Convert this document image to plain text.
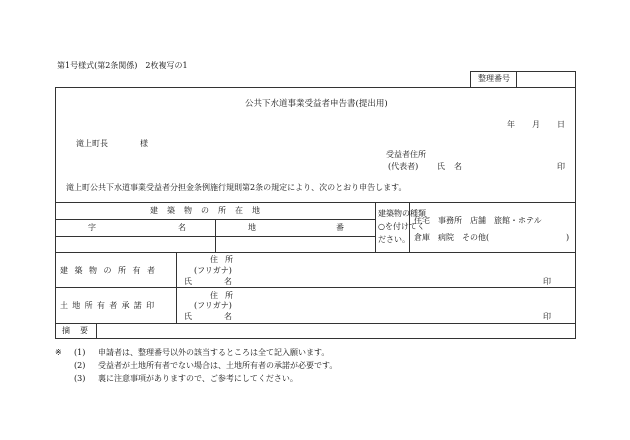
第1号様式(第2条関係)　2枚複写の1
整理番号
公共下水道事業受益者申告書(提出用)
年 月 日
滝上町長	様
受益者住所
(代表者) 氏名	印
滝上町公共下水道事業受益者分担金条例施行規則第2条の規定により、次のとおり申告します。
建築物の所在地
字	名	地	番
建築物の種類
○を付けてく
ださい。
住宅　事務所　店舗　旅館・ホテル
倉庫　病院　その他(	)
建築物の所有者
住所
(フリガナ)
氏名	印
土地所有者承諾印
住所
(フリガナ)
氏名	印
摘要
※ (1) 申請者は、整理番号以外の該当するところは全て記入願います。
(2) 受益者が土地所有者でない場合は、土地所有者の承諾が必要です。
(3) 裏に注意事項がありますので、ご参考にしてください。
